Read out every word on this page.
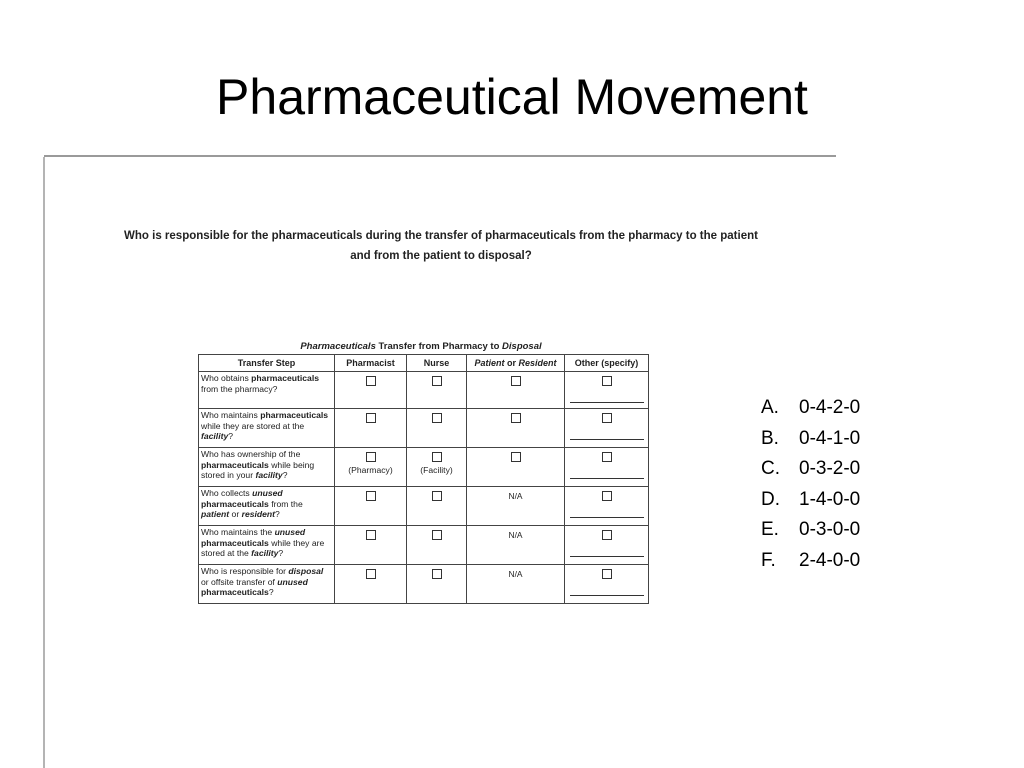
Pharmaceutical Movement
Who is responsible for the pharmaceuticals during the transfer of pharmaceuticals from the pharmacy to the patient and from the patient to disposal?
Pharmaceuticals Transfer from Pharmacy to Disposal
Transfer Step	Pharmacist	Nurse	Patient or Resident	Other (specify)
Who obtains pharmaceuticals from the pharmacy?				

Who maintains pharmaceuticals while they are stored at the facility?				

Who has ownership of the pharmaceuticals while being stored in your facility?	(Pharmacy)	(Facility)		

Who collects unused pharmaceuticals from the patient or resident?			N/A	

Who maintains the unused pharmaceuticals while they are stored at the facility?			N/A	

Who is responsible for disposal or offsite transfer of unused pharmaceuticals?			N/A	
A. 0-4-2-0
B. 0-4-1-0
C. 0-3-2-0
D. 1-4-0-0
E. 0-3-0-0
F. 2-4-0-0
